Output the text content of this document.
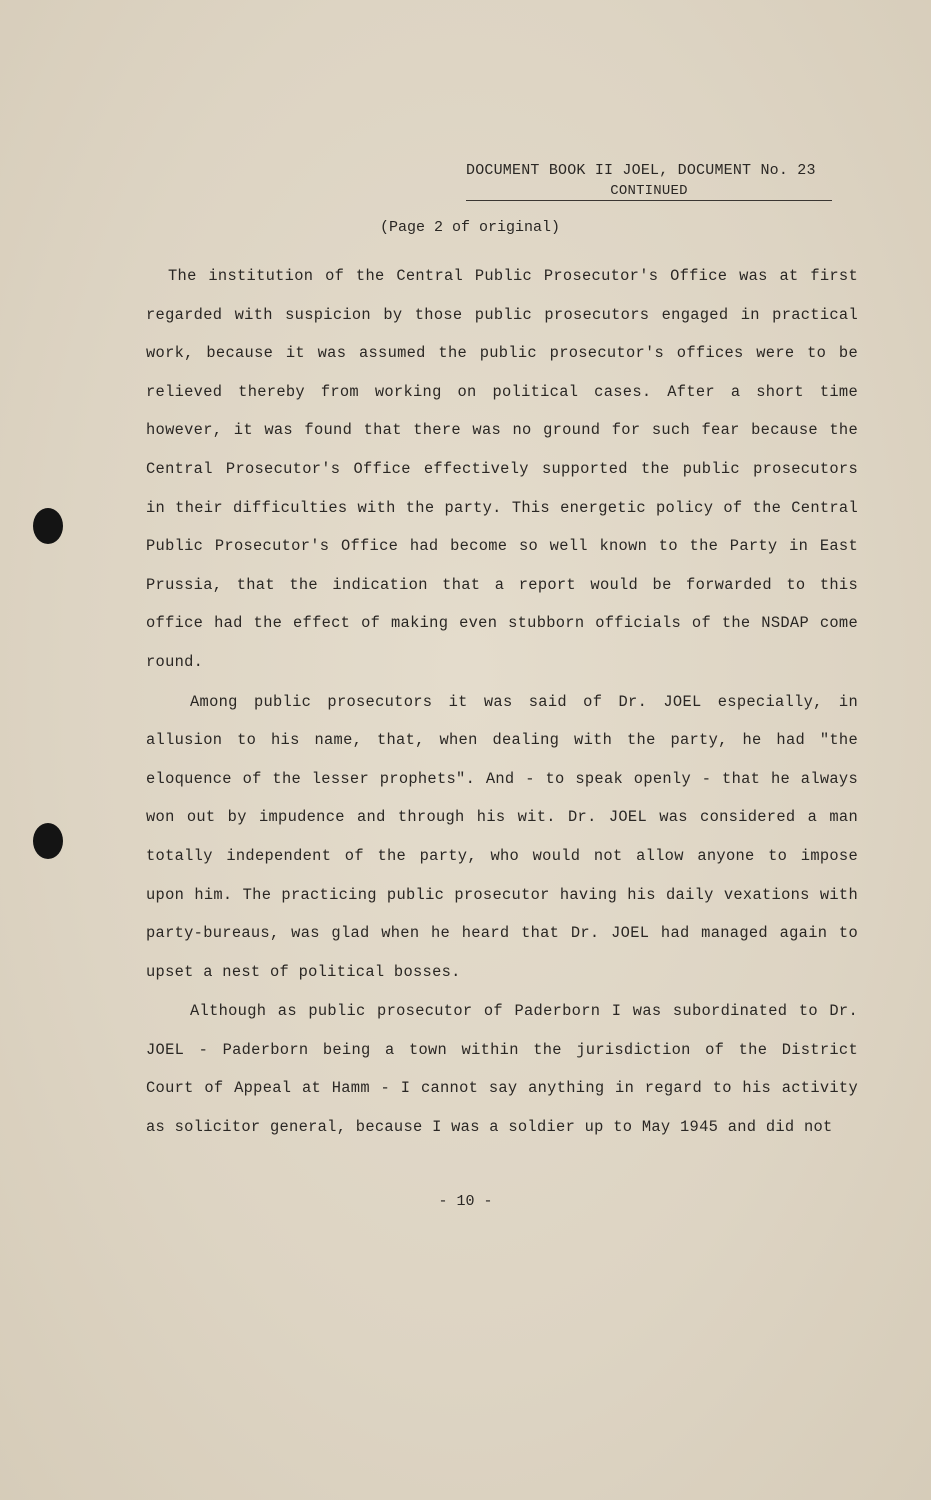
DOCUMENT BOOK II JOEL, DOCUMENT No. 23
CONTINUED
(Page 2 of original)

The institution of the Central Public Prosecutor's Office was at first regarded with suspicion by those public prosecutors engaged in practical work, because it was assumed the public prosecutor's offices were to be relieved thereby from working on political cases. After a short time however, it was found that there was no ground for such fear because the Central Prosecutor's Office effectively supported the public prosecutors in their difficulties with the party. This energetic policy of the Central Public Prosecutor's Office had become so well known to the Party in East Prussia, that the indication that a report would be forwarded to this office had the effect of making even stubborn officials of the NSDAP come round.

Among public prosecutors it was said of Dr. JOEL especially, in allusion to his name, that, when dealing with the party, he had "the eloquence of the lesser prophets". And - to speak openly - that he always won out by impudence and through his wit. Dr. JOEL was considered a man totally independent of the party, who would not allow anyone to impose upon him. The practicing public prosecutor having his daily vexations with party-bureaus, was glad when he heard that Dr. JOEL had managed again to upset a nest of political bosses.

Although as public prosecutor of Paderborn I was subordinated to Dr. JOEL - Paderborn being a town within the jurisdiction of the District Court of Appeal at Hamm - I cannot say anything in regard to his activity as solicitor general, because I was a soldier up to May 1945 and did not

- 10 -
